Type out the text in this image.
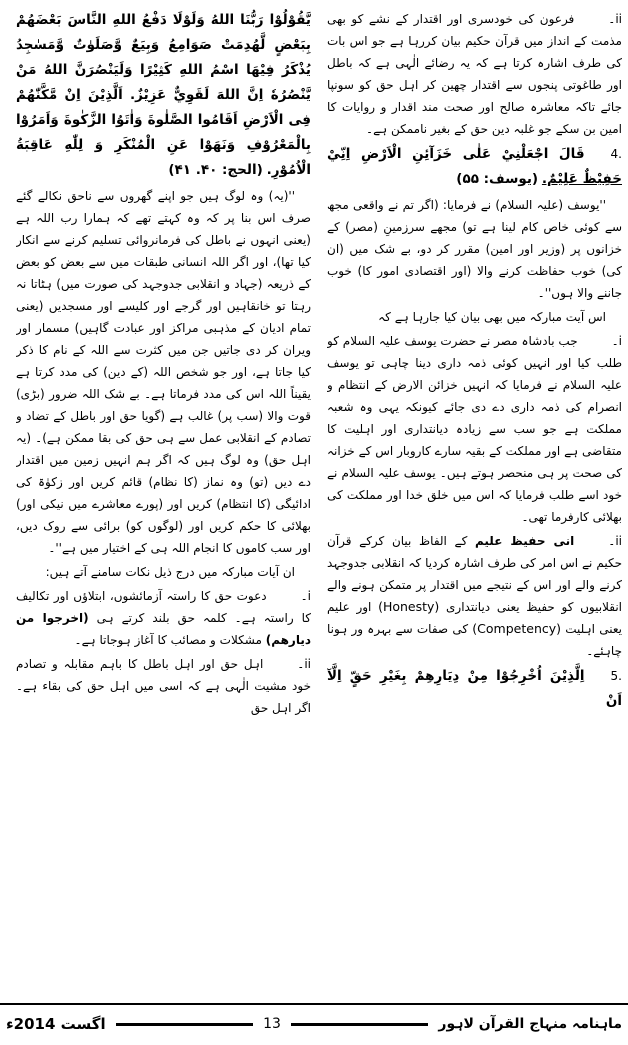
ii۔فرعون کی خودسری اور اقتدار کے نشے کو بھی مذمت کے انداز میں قرآن حکیم بیان کررہا ہے جو اس بات کی طرف اشارہ کرتا ہے کہ یہ رضائے الٰہی ہے کہ باطل اور طاغوتی پنجوں سے اقتدار چھین کر اہل حق کو سونپا جائے تاکہ معاشرہ صالح اور صحت مند اقدار و روایات کا امین بن سکے جو غلبہ دین حق کے بغیر ناممکن ہے۔

4.قَالَ اجْعَلْنِيْ عَلٰی خَزَآئِنِ الْاَرْضِ اِنِّيْ حَفِيْظٌ عَلِيْمٌ. (يوسف: ۵۵)

''یوسف (علیہ السلام) نے فرمایا: (اگر تم نے واقعی مجھ سے کوئی خاص کام لینا ہے تو) مجھے سرزمینِ (مصر) کے خزانوں پر (وزیر اور امین) مقرر کر دو، بے شک میں (ان کی) خوب حفاظت کرنے والا (اور اقتصادی امور کا) خوب جاننے والا ہوں''۔

اس آیت مبارکہ میں بھی بیان کیا جارہا ہے کہ

i۔جب بادشاہ مصر نے حضرت یوسف علیہ السلام کو طلب کیا اور انہیں کوئی ذمہ داری دینا چاہی تو یوسف علیہ السلام نے فرمایا کہ انہیں خزائن الارض کے انتظام و انصرام کی ذمہ داری دے دی جائے کیونکہ یہی وہ شعبہ مملکت ہے جو سب سے زیادہ دیانتداری اور اہلیت کا متقاضی ہے اور مملکت کے بقیہ سارے کاروبار اس کے خزانہ کی صحت پر ہی منحصر ہوتے ہیں۔ یوسف علیہ السلام نے خود اسے طلب فرمایا کہ اس میں خلق خدا اور مملکت کی بھلائی کارفرما تھی۔

ii۔انی حفیظ علیم کے الفاظ بیان کرکے قرآن حکیم نے اس امر کی طرف اشارہ کردیا کہ انقلابی جدوجہد کرنے والے اور اس کے نتیجے میں اقتدار پر متمکن ہونے والے انقلابیوں کو حفیظ یعنی دیانتداری (Honesty) اور علیم یعنی اہلیت (Competency) کی صفات سے بہرہ ور ہونا چاہئے۔

5.اِلَّذِيْنَ اُخْرِجُوْا مِنْ دِيَارِهِمْ بِغَيْرِ حَقٍّ اِلَّآ اَنْ

يَّقُوْلُوْا رَبُّنَا اللهُ وَلَوْلَا دَفْعُ اللهِ النَّاسَ بَعْضَهُمْ بِبَعْضٍ لَّهُدِمَتْ صَوَامِعُ وَبِيَعٌ وَّصَلَوٰتٌ وَّمَسٰجِدُ يُذْكَرُ فِيْهَا اسْمُ اللهِ كَثِيْرًا وَلَيَنْصُرَنَّ اللهُ مَنْ يَّنْصُرُهٗ اِنَّ اللهَ لَقَوِيٌّ عَزِيْزٌ. اَلَّذِيْنَ اِنْ مَّكَّنّٰهُمْ فِی الْاَرْضِ اَقَامُوا الصَّلٰوةَ وَاٰتَوُا الزَّكٰوةَ وَاَمَرُوْا بِالْمَعْرُوْفِ وَنَهَوْا عَنِ الْمُنْكَرِ وَ لِلّٰهِ عَاقِبَةُ الْاُمُوْرِ. (الحج: ۴۰. ۴۱)

''(یہ) وہ لوگ ہیں جو اپنے گھروں سے ناحق نکالے گئے صرف اس بنا پر کہ وہ کہتے تھے کہ ہمارا رب اللہ ہے (یعنی انہوں نے باطل کی فرمانروائی تسلیم کرنے سے انکار کیا تھا)، اور اگر اللہ انسانی طبقات میں سے بعض کو بعض کے ذریعہ (جہاد و انقلابی جدوجہد کی صورت میں) ہٹاتا نہ رہتا تو خانقاہیں اور گرجے اور کلیسے اور مسجدیں (یعنی تمام ادیان کے مذہبی مراکز اور عبادت گاہیں) مسمار اور ویران کر دی جاتیں جن میں کثرت سے اللہ کے نام کا ذکر کیا جاتا ہے، اور جو شخص اللہ (کے دین) کی مدد کرتا ہے یقیناً اللہ اس کی مدد فرماتا ہے۔ بے شک اللہ ضرور (بڑی) قوت والا (سب پر) غالب ہے (گویا حق اور باطل کے تضاد و تصادم کے انقلابی عمل سے ہی حق کی بقا ممکن ہے)۔ (یہ اہل حق) وہ لوگ ہیں کہ اگر ہم انہیں زمین میں اقتدار دے دیں (تو) وہ نماز (کا نظام) قائم کریں اور زکوٰۃ کی ادائیگی (کا انتظام) کریں اور (پورے معاشرے میں نیکی اور) بھلائی کا حکم کریں اور (لوگوں کو) برائی سے روک دیں، اور سب کاموں کا انجام اللہ ہی کے اختیار میں ہے''۔

ان آیات مبارکہ میں درج ذیل نکات سامنے آتے ہیں:

i۔دعوت حق کا راستہ آزمائشوں، ابتلاؤں اور تکالیف کا راستہ ہے۔ کلمہ حق بلند کرتے ہی (اخرجوا من دیارهم) مشکلات و مصائب کا آغاز ہوجاتا ہے۔

ii۔اہل حق اور اہل باطل کا باہم مقابلہ و تصادم خود مشیت الٰہی ہے کہ اسی میں اہل حق کی بقاء ہے۔ اگر اہل حق

ماہنامہ منہاج القرآن لاہور
13
اگست 2014ء
